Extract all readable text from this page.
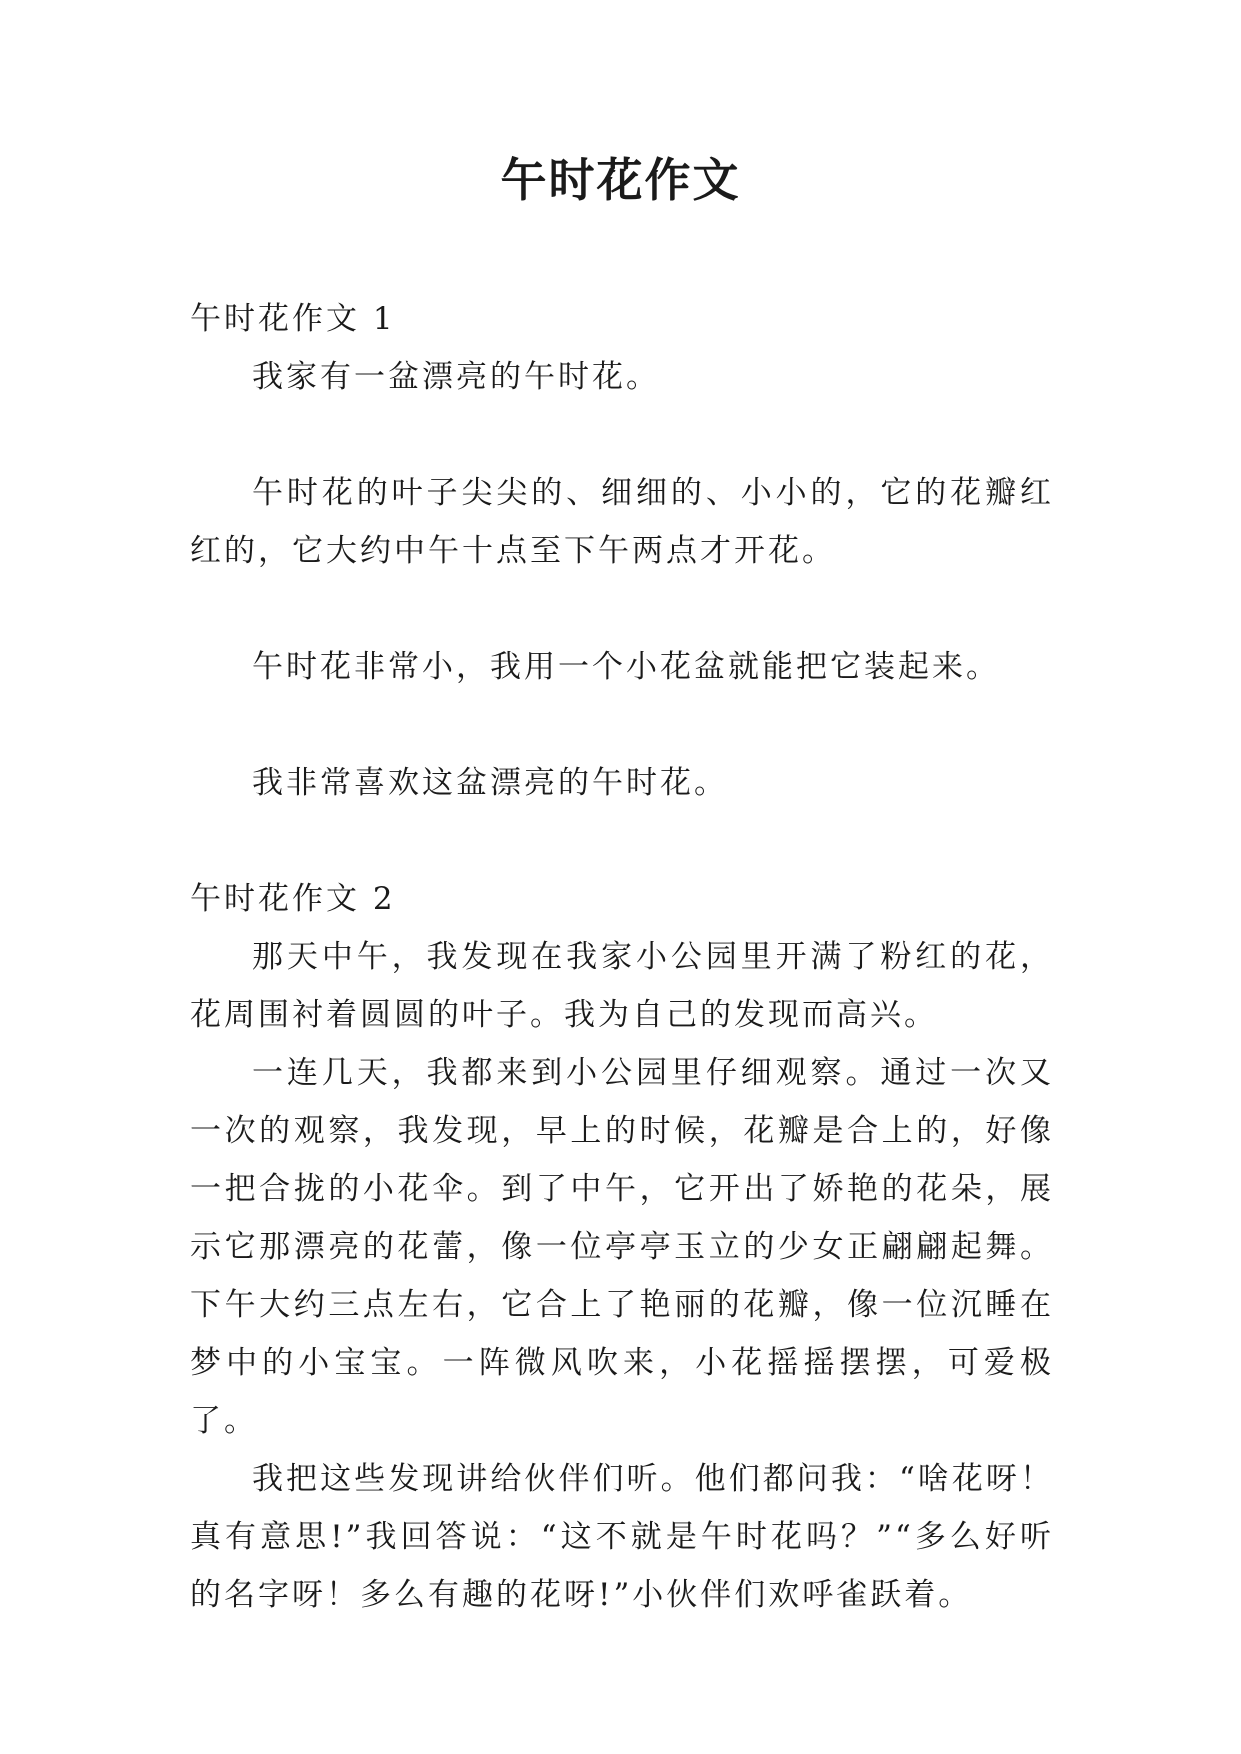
午时花作文

午时花作文 1

我家有一盆漂亮的午时花。

午时花的叶子尖尖的、细细的、小小的，它的花瓣红红的，它大约中午十点至下午两点才开花。

午时花非常小，我用一个小花盆就能把它装起来。

我非常喜欢这盆漂亮的午时花。

午时花作文 2

那天中午，我发现在我家小公园里开满了粉红的花，花周围衬着圆圆的叶子。我为自己的发现而高兴。

一连几天，我都来到小公园里仔细观察。通过一次又一次的观察，我发现，早上的时候，花瓣是合上的，好像一把合拢的小花伞。到了中午，它开出了娇艳的花朵，展示它那漂亮的花蕾，像一位亭亭玉立的少女正翩翩起舞。下午大约三点左右，它合上了艳丽的花瓣，像一位沉睡在梦中的小宝宝。一阵微风吹来，小花摇摇摆摆，可爱极了。

我把这些发现讲给伙伴们听。他们都问我：“啥花呀！真有意思!”我回答说：“这不就是午时花吗？”“多么好听的名字呀！多么有趣的花呀!”小伙伴们欢呼雀跃着。
